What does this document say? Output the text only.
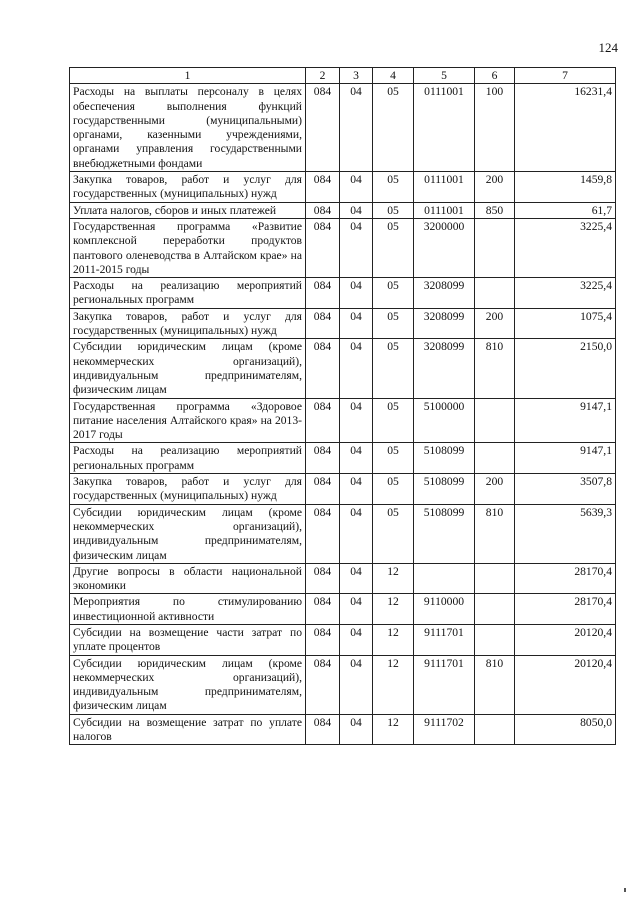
124
1	2	3	4	5	6	7
Расходы на выплаты персоналу в целях обеспечения выполнения функций государственными (муниципальными) органами, казенными учреждениями, органами управления государственными внебюджетными фондами	084	04	05	0111001	100	16231,4
Закупка товаров, работ и услуг для государственных (муниципальных) нужд	084	04	05	0111001	200	1459,8
Уплата налогов, сборов и иных платежей	084	04	05	0111001	850	61,7
Государственная программа «Развитие комплексной переработки продуктов пантового оленеводства в Алтайском крае» на 2011-2015 годы	084	04	05	3200000		3225,4
Расходы на реализацию мероприятий региональных программ	084	04	05	3208099		3225,4
Закупка товаров, работ и услуг для государственных (муниципальных) нужд	084	04	05	3208099	200	1075,4
Субсидии юридическим лицам (кроме некоммерческих организаций), индивидуальным предпринимателям, физическим лицам	084	04	05	3208099	810	2150,0
Государственная программа «Здоровое питание населения Алтайского края» на 2013-2017 годы	084	04	05	5100000		9147,1
Расходы на реализацию мероприятий региональных программ	084	04	05	5108099		9147,1
Закупка товаров, работ и услуг для государственных (муниципальных) нужд	084	04	05	5108099	200	3507,8
Субсидии юридическим лицам (кроме некоммерческих организаций), индивидуальным предпринимателям, физическим лицам	084	04	05	5108099	810	5639,3
Другие вопросы в области национальной экономики	084	04	12			28170,4
Мероприятия по стимулированию инвестиционной активности	084	04	12	9110000		28170,4
Субсидии на возмещение части затрат по уплате процентов	084	04	12	9111701		20120,4
Субсидии юридическим лицам (кроме некоммерческих организаций), индивидуальным предпринимателям, физическим лицам	084	04	12	9111701	810	20120,4
Субсидии на возмещение затрат по уплате налогов	084	04	12	9111702		8050,0
